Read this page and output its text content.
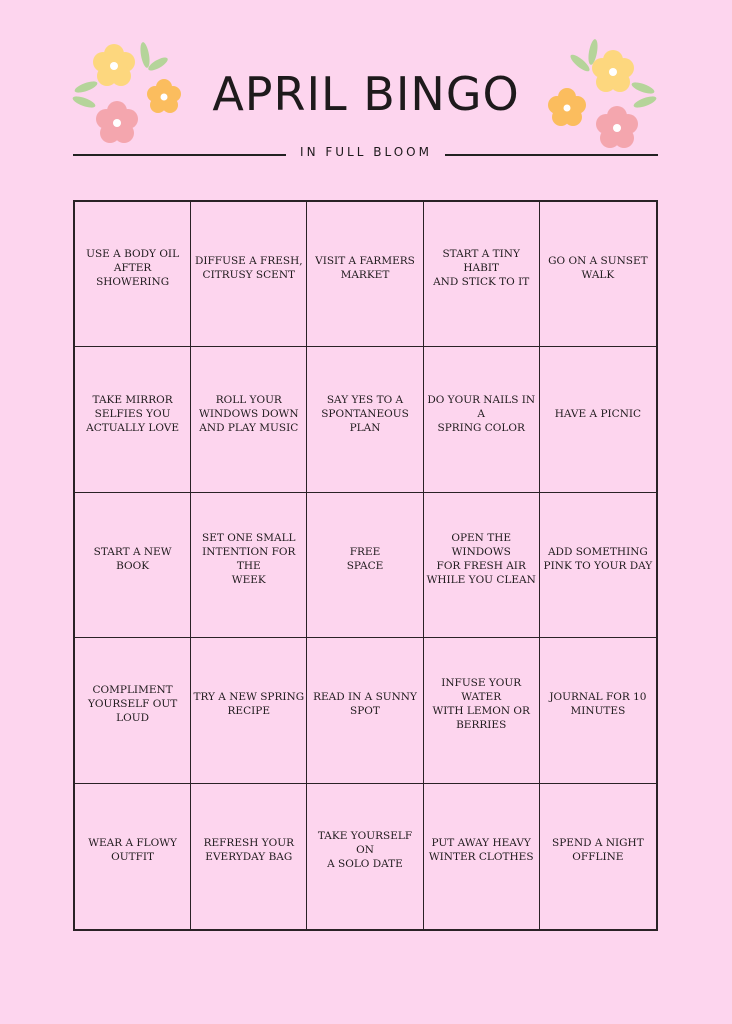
APRIL BINGO
IN FULL BLOOM
USE A BODY OIL
AFTER SHOWERING
DIFFUSE A FRESH,
CITRUSY SCENT
VISIT A FARMERS
MARKET
START A TINY HABIT
AND STICK TO IT
GO ON A SUNSET
WALK
TAKE MIRROR
SELFIES YOU
ACTUALLY LOVE
ROLL YOUR
WINDOWS DOWN
AND PLAY MUSIC
SAY YES TO A
SPONTANEOUS PLAN
DO YOUR NAILS IN A
SPRING COLOR
HAVE A PICNIC
START A NEW BOOK
SET ONE SMALL
INTENTION FOR THE
WEEK
FREE
SPACE
OPEN THE WINDOWS
FOR FRESH AIR
WHILE YOU CLEAN
ADD SOMETHING
PINK TO YOUR DAY
COMPLIMENT
YOURSELF OUT LOUD
TRY A NEW SPRING
RECIPE
READ IN A SUNNY
SPOT
INFUSE YOUR WATER
WITH LEMON OR
BERRIES
JOURNAL FOR 10
MINUTES
WEAR A FLOWY
OUTFIT
REFRESH YOUR
EVERYDAY BAG
TAKE YOURSELF ON
A SOLO DATE
PUT AWAY HEAVY
WINTER CLOTHES
SPEND A NIGHT
OFFLINE
